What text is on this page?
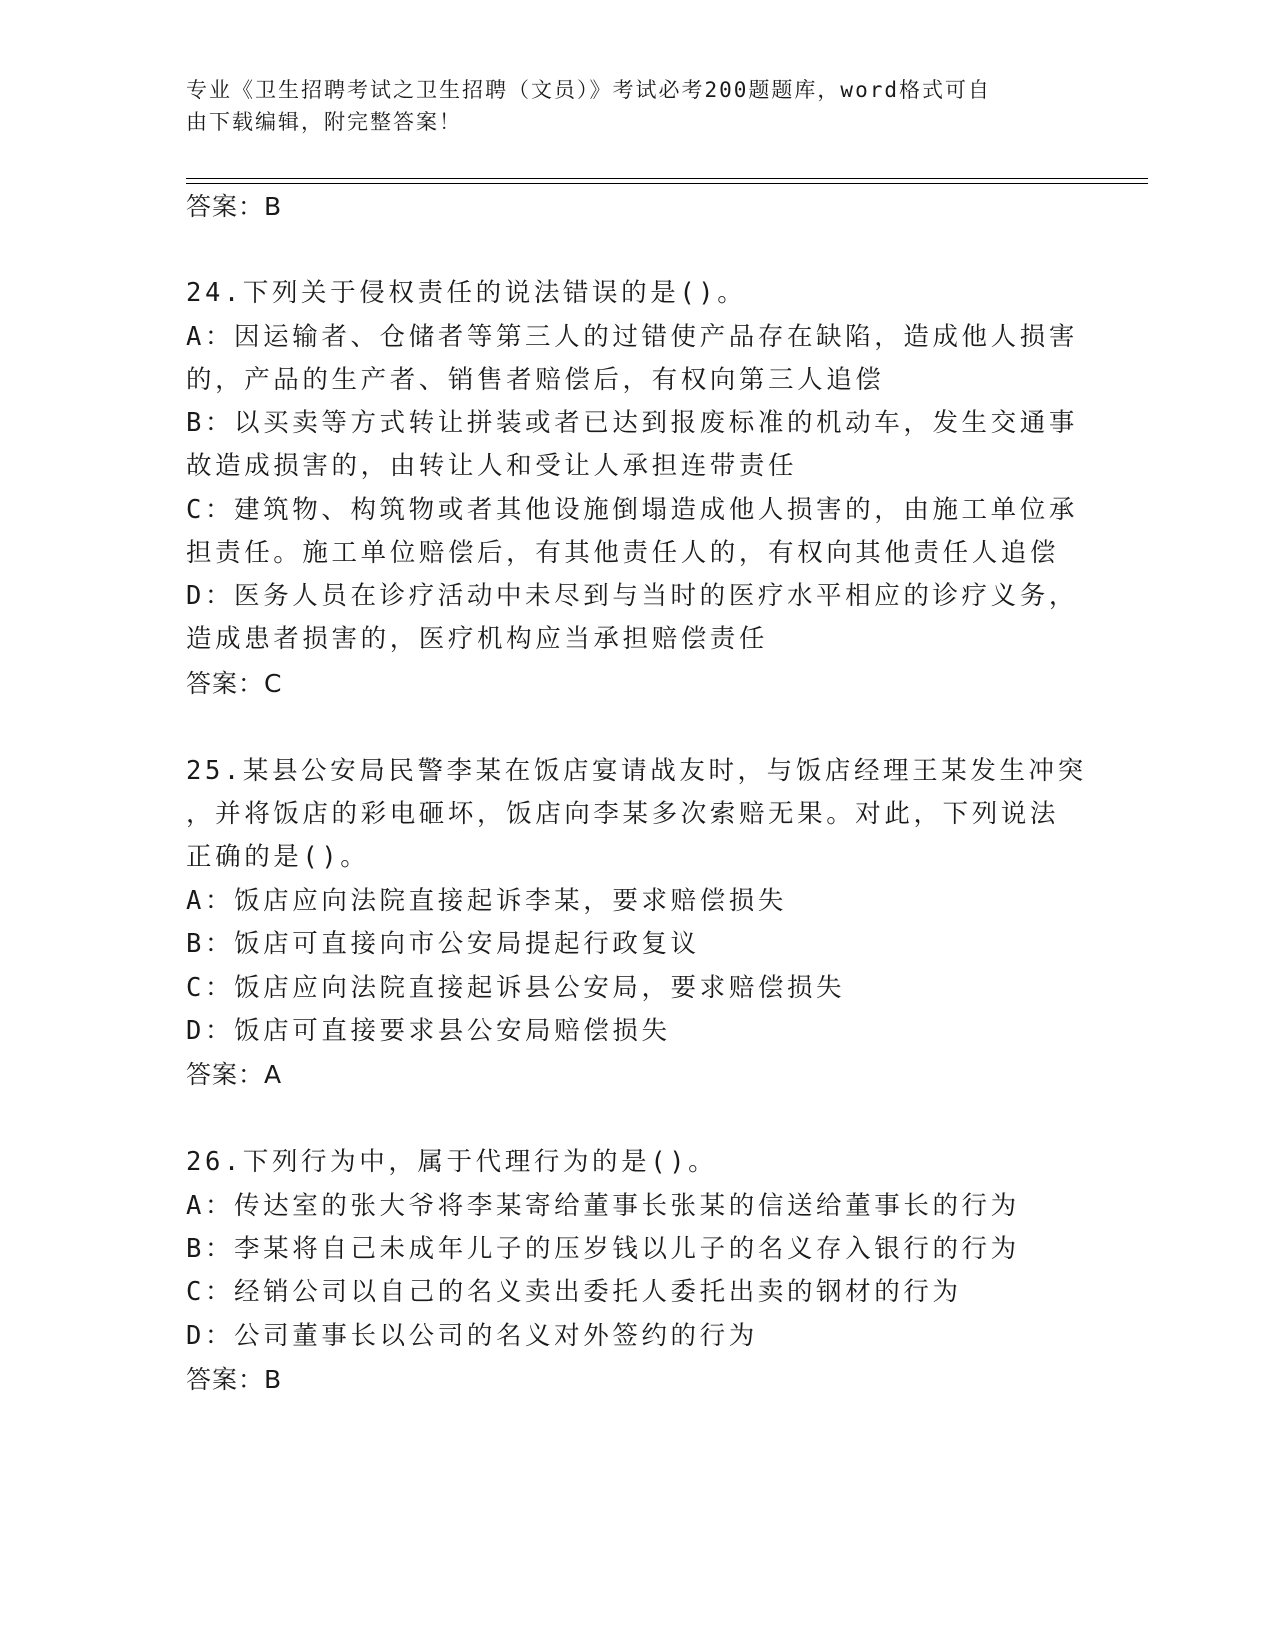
专业《卫生招聘考试之卫生招聘（文员）》考试必考200题题库，word格式可自
由下载编辑，附完整答案！
答案：B
24.下列关于侵权责任的说法错误的是()。
A：因运输者、仓储者等第三人的过错使产品存在缺陷，造成他人损害
的，产品的生产者、销售者赔偿后，有权向第三人追偿
B：以买卖等方式转让拼装或者已达到报废标准的机动车，发生交通事
故造成损害的，由转让人和受让人承担连带责任
C：建筑物、构筑物或者其他设施倒塌造成他人损害的，由施工单位承
担责任。施工单位赔偿后，有其他责任人的，有权向其他责任人追偿
D：医务人员在诊疗活动中未尽到与当时的医疗水平相应的诊疗义务，
造成患者损害的，医疗机构应当承担赔偿责任
答案：C
25.某县公安局民警李某在饭店宴请战友时，与饭店经理王某发生冲突
，并将饭店的彩电砸坏，饭店向李某多次索赔无果。对此，下列说法
正确的是()。
A：饭店应向法院直接起诉李某，要求赔偿损失
B：饭店可直接向市公安局提起行政复议
C：饭店应向法院直接起诉县公安局，要求赔偿损失
D：饭店可直接要求县公安局赔偿损失
答案：A
26.下列行为中，属于代理行为的是()。
A：传达室的张大爷将李某寄给董事长张某的信送给董事长的行为
B：李某将自己未成年儿子的压岁钱以儿子的名义存入银行的行为
C：经销公司以自己的名义卖出委托人委托出卖的钢材的行为
D：公司董事长以公司的名义对外签约的行为
答案：B
